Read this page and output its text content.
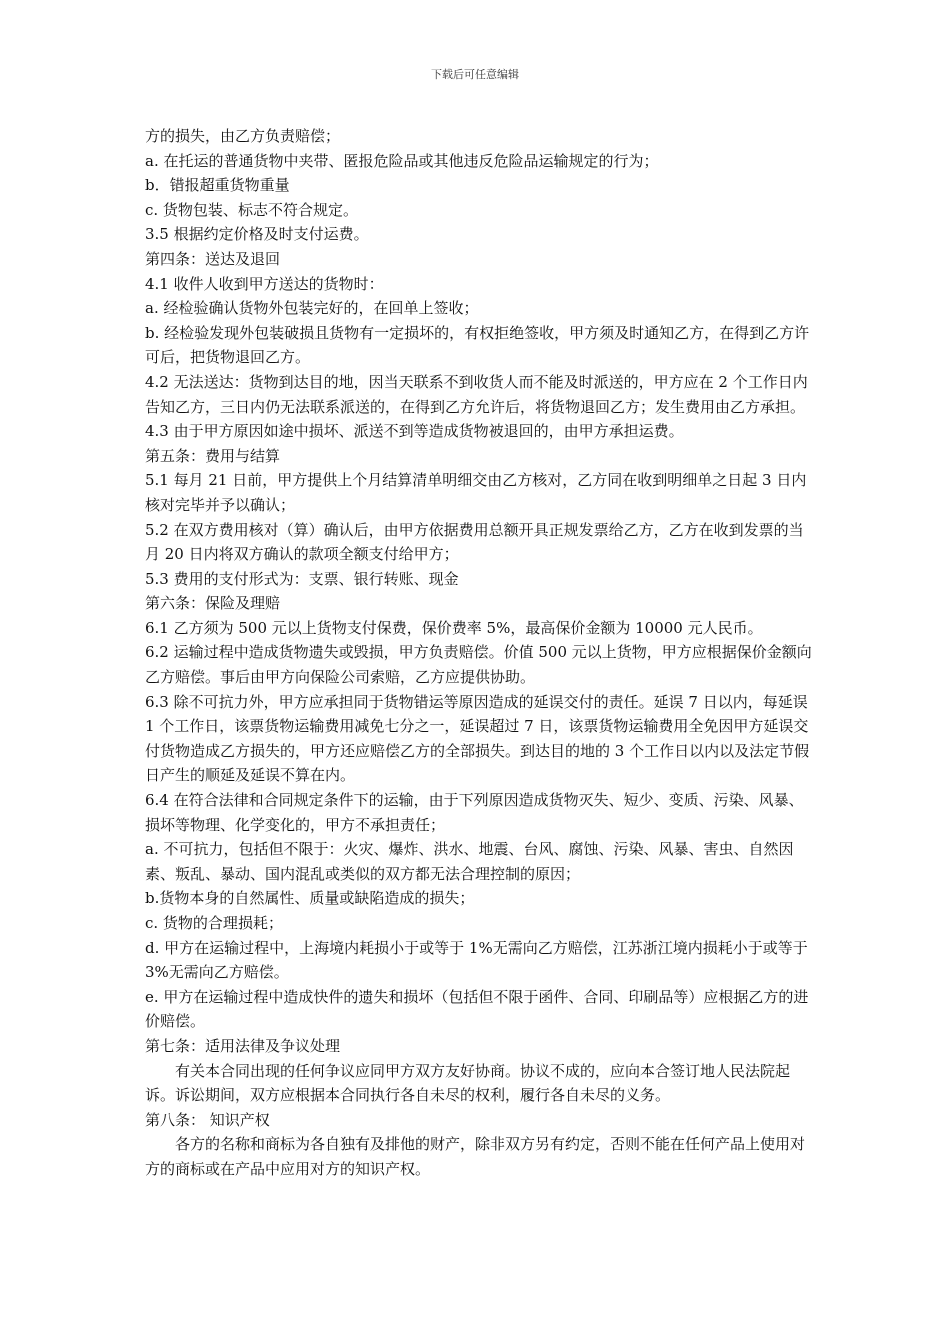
下载后可任意编辑

方的损失，由乙方负责赔偿；

a. 在托运的普通货物中夹带、匿报危险品或其他违反危险品运输规定的行为；

b．错报超重货物重量

c. 货物包装、标志不符合规定。

3.5 根据约定价格及时支付运费。

第四条：送达及退回

4.1 收件人收到甲方送达的货物时：

a. 经检验确认货物外包装完好的，在回单上签收；

b. 经检验发现外包装破损且货物有一定损坏的，有权拒绝签收，甲方须及时通知乙方，在得到乙方许可后，把货物退回乙方。

4.2 无法送达：货物到达目的地，因当天联系不到收货人而不能及时派送的，甲方应在 2 个工作日内告知乙方，三日内仍无法联系派送的，在得到乙方允许后，将货物退回乙方；发生费用由乙方承担。

4.3 由于甲方原因如途中损坏、派送不到等造成货物被退回的，由甲方承担运费。

第五条：费用与结算

5.1 每月 21 日前，甲方提供上个月结算清单明细交由乙方核对，乙方同在收到明细单之日起 3 日内核对完毕并予以确认；

5.2 在双方费用核对（算）确认后，由甲方依据费用总额开具正规发票给乙方，乙方在收到发票的当月 20 日内将双方确认的款项全额支付给甲方；

5.3 费用的支付形式为：支票、银行转账、现金

第六条：保险及理赔

6.1 乙方须为 500 元以上货物支付保费，保价费率 5%，最高保价金额为 10000 元人民币。

6.2 运输过程中造成货物遗失或毁损，甲方负责赔偿。价值 500 元以上货物，甲方应根据保价金额向乙方赔偿。事后由甲方向保险公司索赔，乙方应提供协助。

6.3 除不可抗力外，甲方应承担同于货物错运等原因造成的延误交付的责任。延误 7 日以内，每延误 1 个工作日，该票货物运输费用减免七分之一，延误超过 7 日，该票货物运输费用全免因甲方延误交付货物造成乙方损失的，甲方还应赔偿乙方的全部损失。到达目的地的 3 个工作日以内以及法定节假日产生的顺延及延误不算在内。

6.4 在符合法律和合同规定条件下的运输，由于下列原因造成货物灭失、短少、变质、污染、风暴、损坏等物理、化学变化的，甲方不承担责任；

a. 不可抗力，包括但不限于：火灾、爆炸、洪水、地震、台风、腐蚀、污染、风暴、害虫、自然因素、叛乱、暴动、国内混乱或类似的双方都无法合理控制的原因；

b.货物本身的自然属性、质量或缺陷造成的损失；

c. 货物的合理损耗；

d. 甲方在运输过程中，上海境内耗损小于或等于 1%无需向乙方赔偿，江苏浙江境内损耗小于或等于 3%无需向乙方赔偿。

e. 甲方在运输过程中造成快件的遗失和损坏（包括但不限于函件、合同、印刷品等）应根据乙方的进价赔偿。

第七条：适用法律及争议处理

有关本合同出现的任何争议应同甲方双方友好协商。协议不成的，应向本合签订地人民法院起诉。诉讼期间，双方应根据本合同执行各自未尽的权利，履行各自未尽的义务。

第八条： 知识产权

各方的名称和商标为各自独有及排他的财产，除非双方另有约定，否则不能在任何产品上使用对方的商标或在产品中应用对方的知识产权。
